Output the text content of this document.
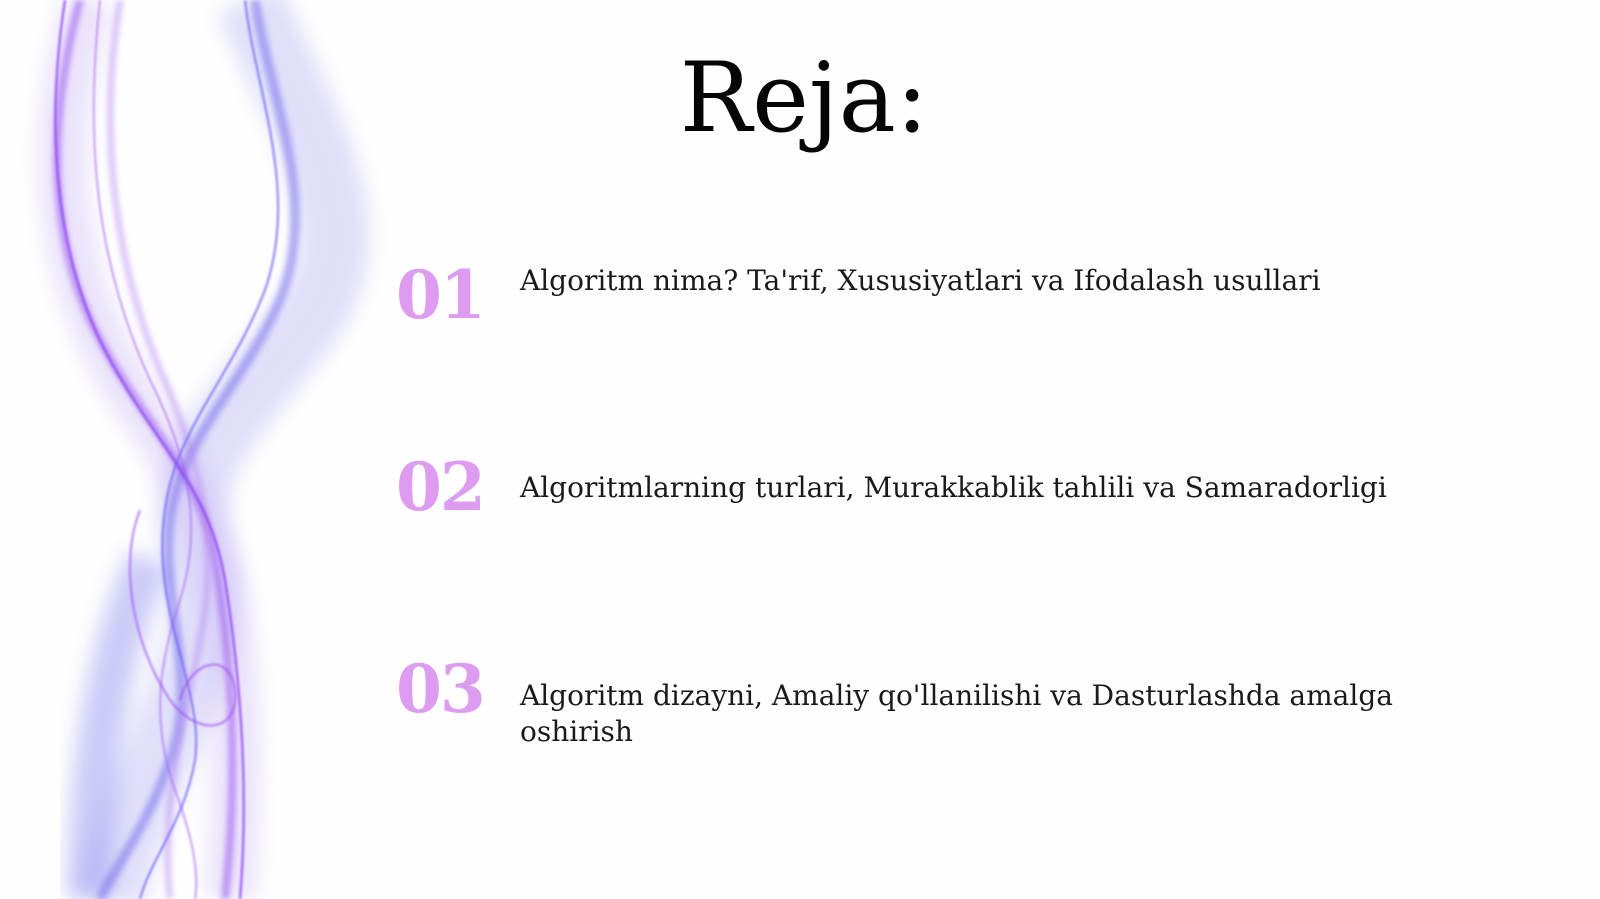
Reja:
01	Algoritm nima? Ta'rif, Xususiyatlari va Ifodalash usullari
02	Algoritmlarning turlari, Murakkablik tahlili va Samaradorligi
03	Algoritm dizayni, Amaliy qo'llanilishi va Dasturlashda amalga oshirish
